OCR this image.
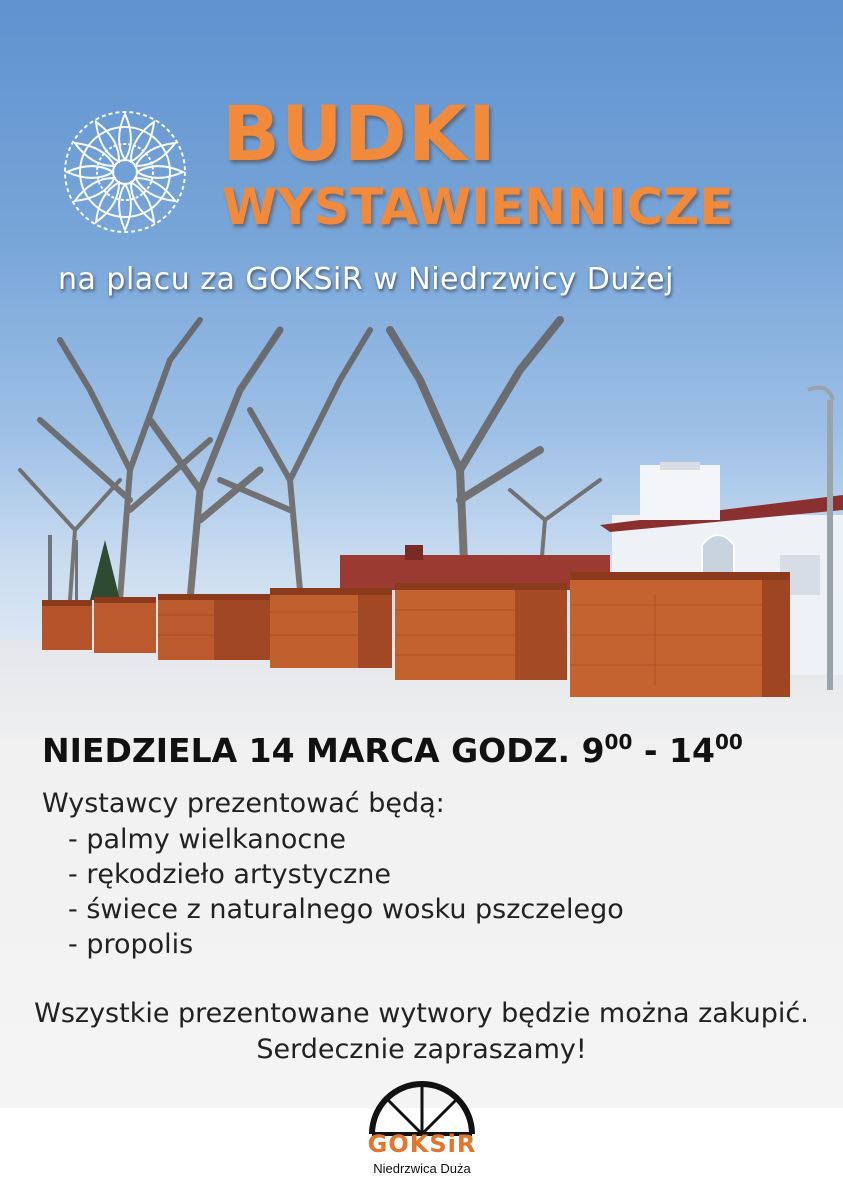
BUDKI
WYSTAWIENNICZE
na placu za GOKSiR w Niedrzwicy Dużej
NIEDZIELA 14 MARCA GODZ. $9^{00} - 14^{00}$
Wystawcy prezentować będą:
- palmy wielkanocne
- rękodzieło artystyczne
- świece z naturalnego wosku pszczelego
- propolis
Wszystkie prezentowane wytwory będzie można zakupić.
Serdecznie zapraszamy!
GOKSiR
Niedrzwica Duża
